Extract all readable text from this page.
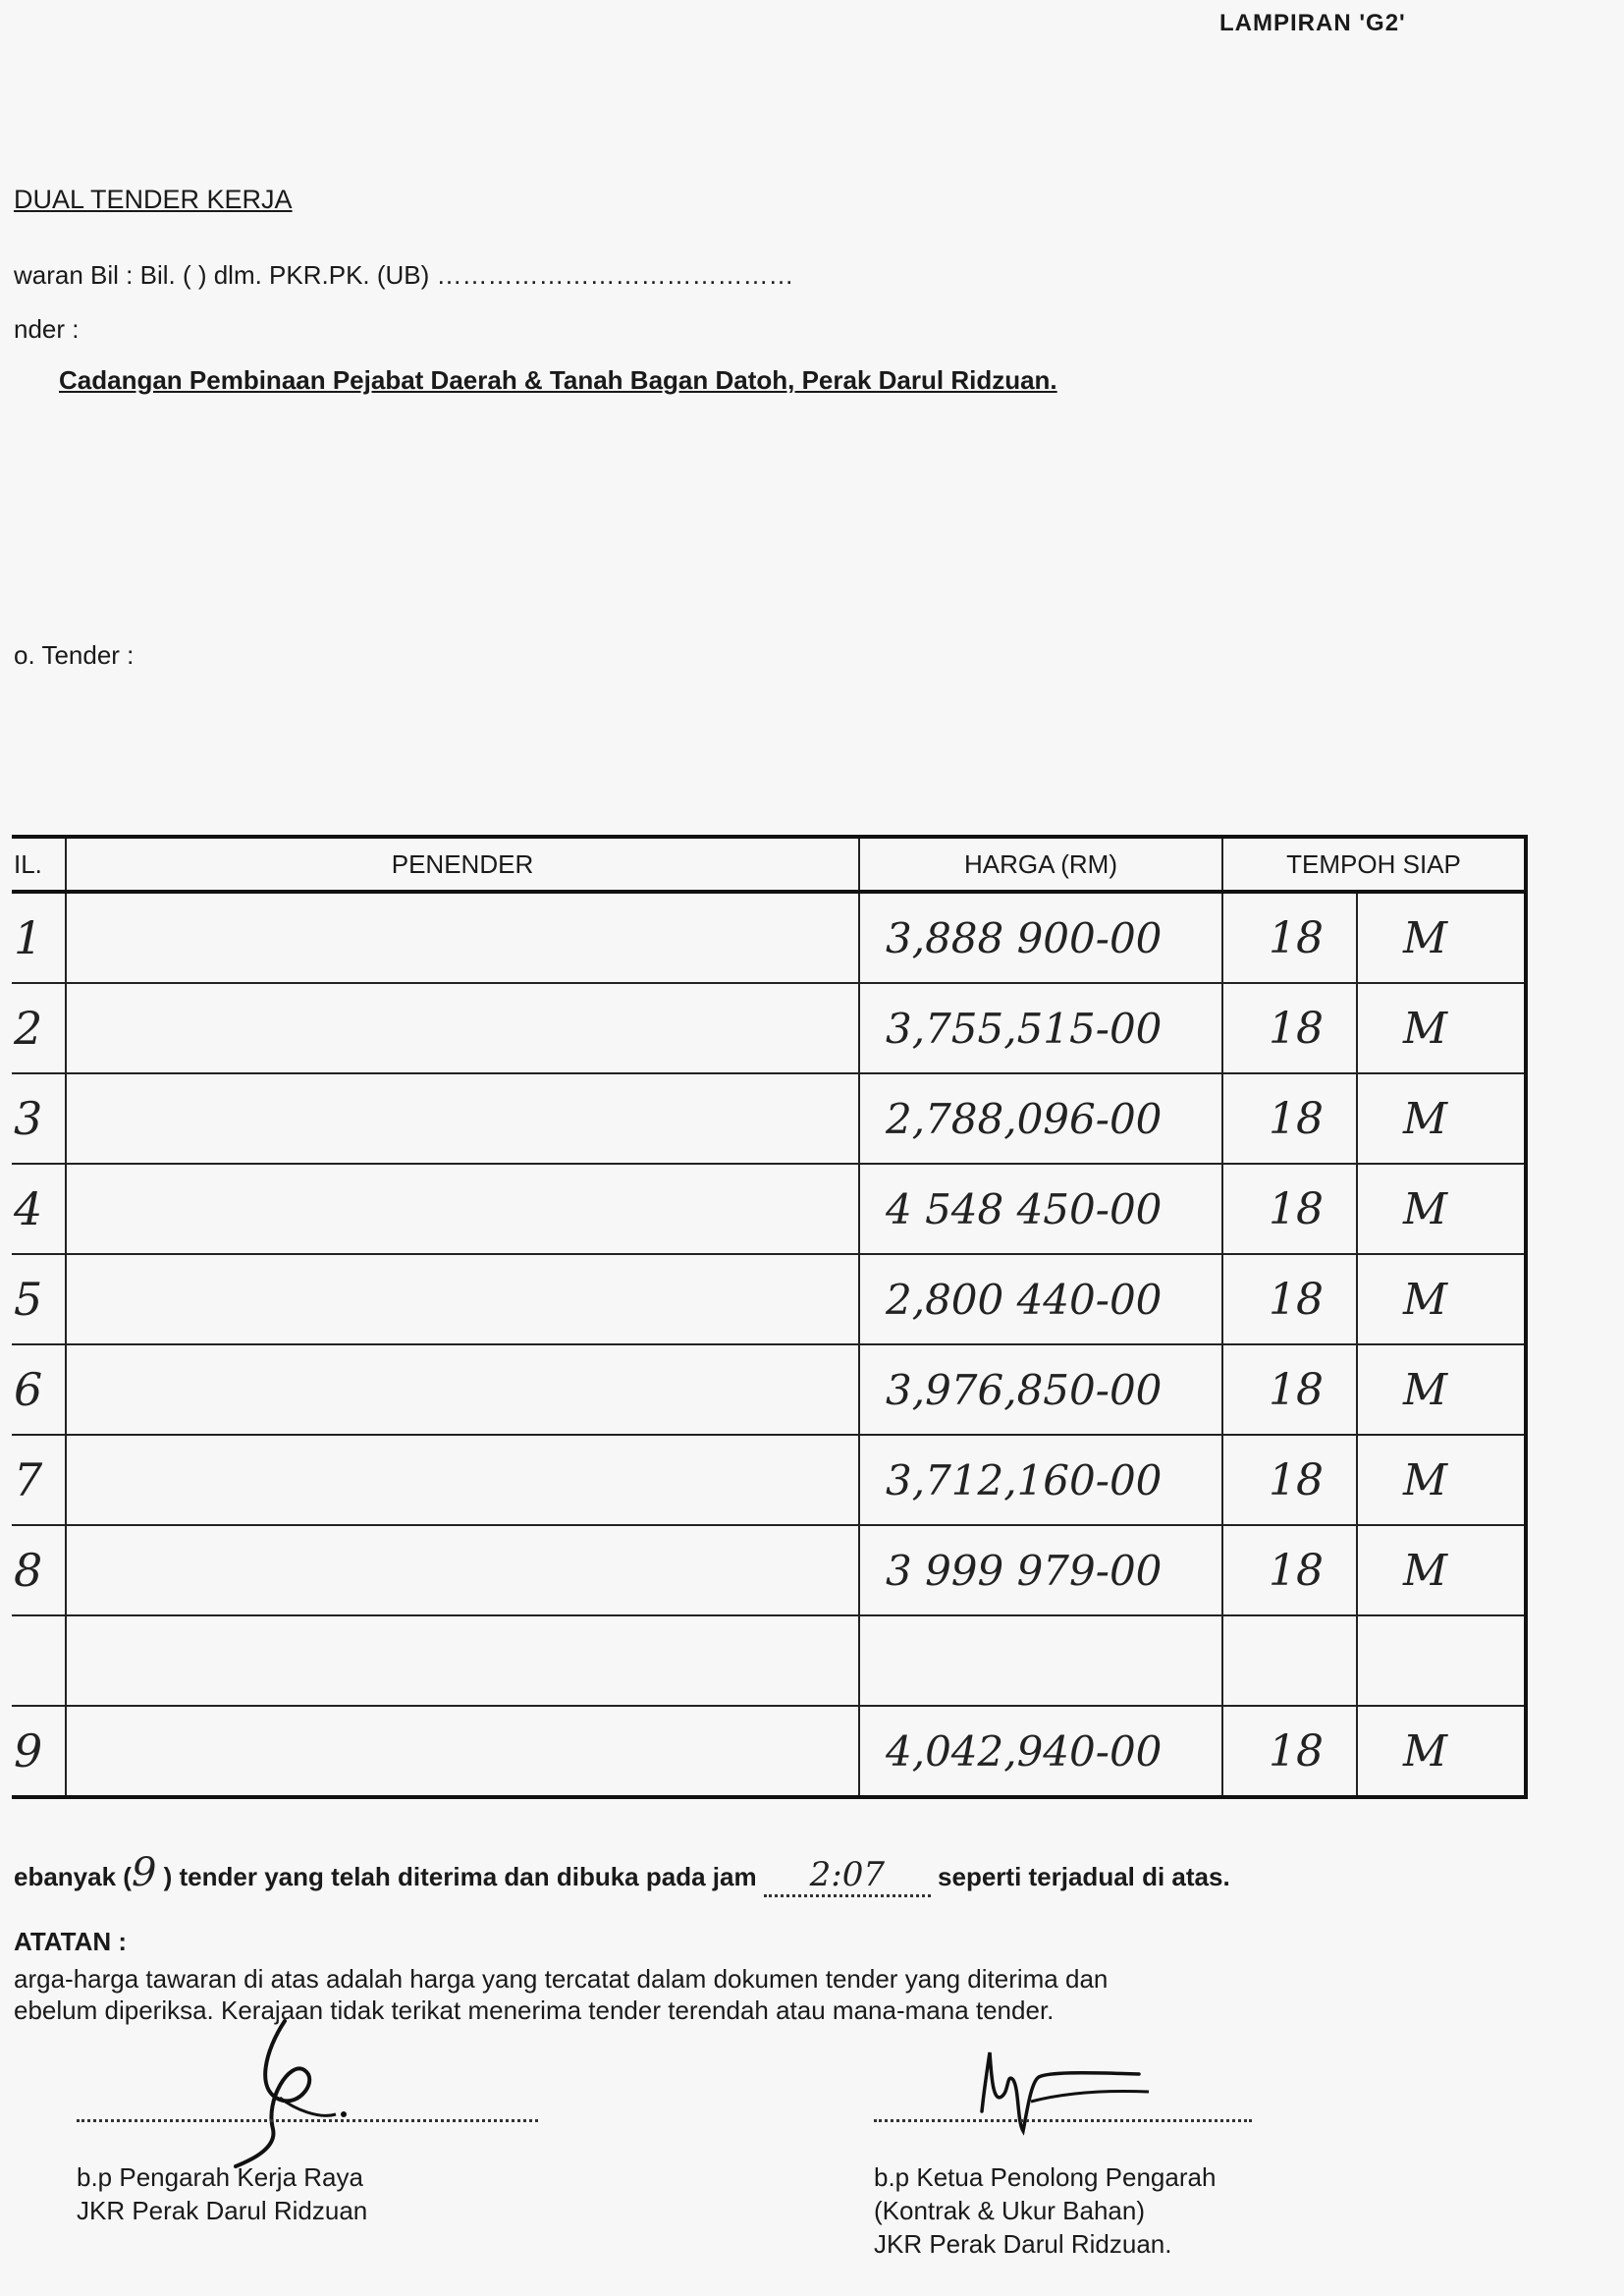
LAMPIRAN 'G2'
DUAL TENDER KERJA
waran Bil : Bil. ( ) dlm. PKR.PK. (UB) ……………………………………
nder :
Cadangan Pembinaan Pejabat Daerah & Tanah Bagan Datoh, Perak Darul Ridzuan.
o. Tender :
IL.	PENENDER	HARGA (RM)	TEMPOH SIAP	
1		3,888 900-00	18	M
2		3,755,515-00	18	M
3		2,788,096-00	18	M
4		4 548 450-00	18	M
5		2,800 440-00	18	M
6		3,976,850-00	18	M
7		3,712,160-00	18	M
8		3 999 979-00	18	M

9		4,042,940-00	18	M
ebanyak (9 ) tender yang telah diterima dan dibuka pada jam 2:07 seperti terjadual di atas.
ATATAN :
arga-harga tawaran di atas adalah harga yang tercatat dalam dokumen tender yang diterima dan
ebelum diperiksa. Kerajaan tidak terikat menerima tender terendah atau mana-mana tender.
b.p Pengarah Kerja Raya
JKR Perak Darul Ridzuan
b.p Ketua Penolong Pengarah
(Kontrak & Ukur Bahan)
JKR Perak Darul Ridzuan.
